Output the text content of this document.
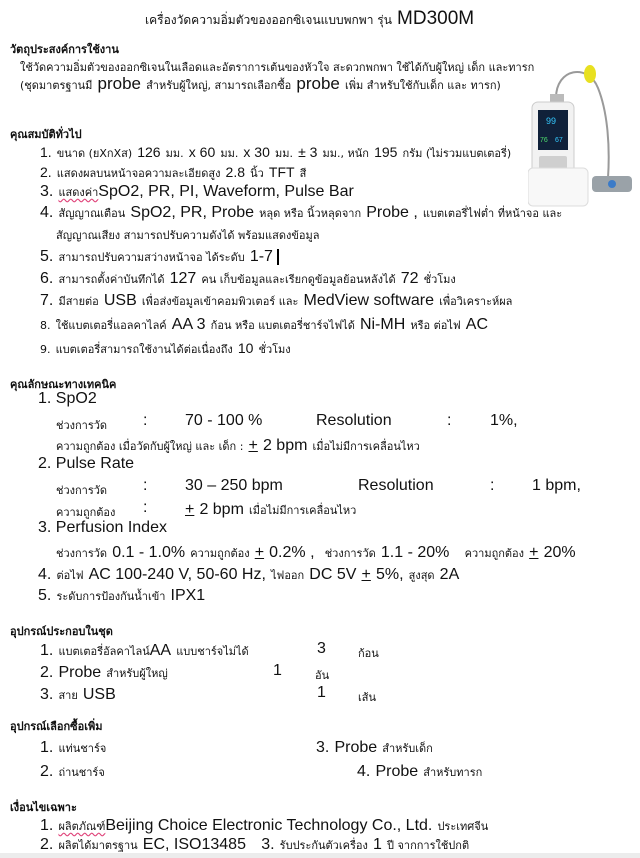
เครื่องวัดความอิ่มตัวของออกซิเจนแบบพกพา รุ่น MD300M
วัตถุประสงค์การใช้งาน
ใช้วัดความอิ่มตัวของออกซิเจนในเลือดและอัตราการเต้นของหัวใจ สะดวกพกพา ใช้ได้กับผู้ใหญ่ เด็ก และทารก
(ชุดมาตรฐานมี probe สำหรับผู้ใหญ่, สามารถเลือกซื้อ probe เพิ่ม สำหรับใช้กับเด็ก และ ทารก)
99
76 67
คุณสมบัติทั่วไป
1. ขนาด (ยXกXส) 126 มม. x 60 มม. x 30 มม. ± 3 มม., หนัก 195 กรัม (ไม่รวมแบตเตอรี่)
2. แสดงผลบนหน้าจอความละเอียดสูง 2.8 นิ้ว TFT สี
3. แสดงค่าSpO2, PR, PI, Waveform, Pulse Bar
4. สัญญาณเตือน SpO2, PR, Probe หลุด หรือ นิ้วหลุดจาก Probe , แบตเตอรี่ไฟต่ำ ที่หน้าจอ และ
สัญญาณเสียง สามารถปรับความดังได้ พร้อมแสดงข้อมูล
5. สามารถปรับความสว่างหน้าจอ ได้ระดับ 1-7
6. สามารถตั้งค่าบันทึกได้ 127 คน เก็บข้อมูลและเรียกดูข้อมูลย้อนหลังได้ 72 ชั่วโมง
7. มีสายต่อ USB เพื่อส่งข้อมูลเข้าคอมพิวเตอร์ และ MedView software เพื่อวิเคราะห์ผล
8. ใช้แบตเตอรี่แอลคาไลค์ AA 3 ก้อน หรือ แบตเตอรี่ชาร์จไฟได้ Ni-MH หรือ ต่อไฟ AC
9. แบตเตอรี่สามารถใช้งานได้ต่อเนื่องถึง 10 ชั่วโมง
คุณลักษณะทางเทคนิค
1. SpO2
ช่วงการวัด : 70 - 100 %	Resolution	: 1%,
ความถูกต้อง เมื่อวัดกับผู้ใหญ่ และ เด็ก : + 2 bpm เมื่อไม่มีการเคลื่อนไหว
2. Pulse Rate
ช่วงการวัด : 30 – 250 bpm	Resolution	: 1 bpm,
ความถูกต้อง : + 2 bpm เมื่อไม่มีการเคลื่อนไหว
3. Perfusion Index
ช่วงการวัด 0.1 - 1.0% ความถูกต้อง + 0.2% , ช่วงการวัด 1.1 - 20% ความถูกต้อง + 20%
4. ต่อไฟ AC 100-240 V, 50-60 Hz, ไฟออก DC 5V + 5%, สูงสุด 2A
5. ระดับการป้องกันน้ำเข้า IPX1
อุปกรณ์ประกอบในชุด
1. แบตเตอรี่อัลคาไลน์AA แบบชาร์จไม่ได้	3	ก้อน
2. Probe สำหรับผู้ใหญ่	1	อัน
3. สาย USB	1	เส้น
อุปกรณ์เลือกซื้อเพิ่ม
1. แท่นชาร์จ
2. ถ่านชาร์จ
3. Probe สำหรับเด็ก
4. Probe สำหรับทารก
เงื่อนไขเฉพาะ
1. ผลิตภัณฑ์Beijing Choice Electronic Technology Co., Ltd. ประเทศจีน
2. ผลิตได้มาตรฐาน EC, ISO13485 3. รับประกันตัวเครื่อง 1 ปี จากการใช้ปกติ
